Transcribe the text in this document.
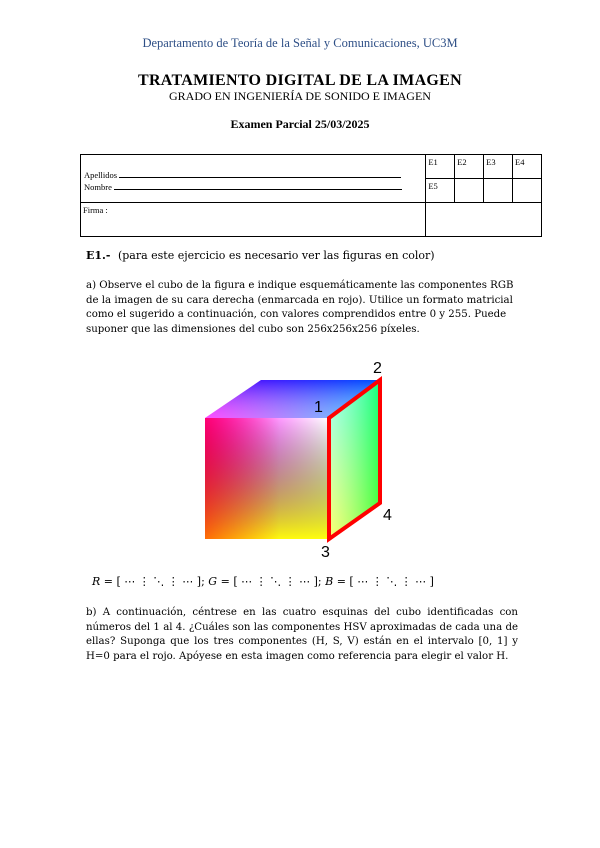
Departamento de Teoría de la Señal y Comunicaciones, UC3M
TRATAMIENTO DIGITAL DE LA IMAGEN
GRADO EN INGENIERÍA DE SONIDO E IMAGEN
Examen Parcial 25/03/2025
Apellidos
Nombre	E1	E2	E3	E4

	E5			

Firma :				

E1.- (para este ejercicio es necesario ver las figuras en color)
a) Observe el cubo de la figura e indique esquemáticamente las componentes RGB de la imagen de su cara derecha (enmarcada en rojo). Utilice un formato matricial como el sugerido a continuación, con valores comprendidos entre 0 y 255. Puede suponer que las dimensiones del cubo son 256x256x256 píxeles.
1
2
3
4
R = [ ⋯ ⋮ ⋱ ⋮ ⋯ ]; G = [ ⋯ ⋮ ⋱ ⋮ ⋯ ]; B = [ ⋯ ⋮ ⋱ ⋮ ⋯ ]
b) A continuación, céntrese en las cuatro esquinas del cubo identificadas con números del 1 al 4. ¿Cuáles son las componentes HSV aproximadas de cada una de ellas? Suponga que los tres componentes (H, S, V) están en el intervalo [0, 1] y H=0 para el rojo. Apóyese en esta imagen como referencia para elegir el valor H.
